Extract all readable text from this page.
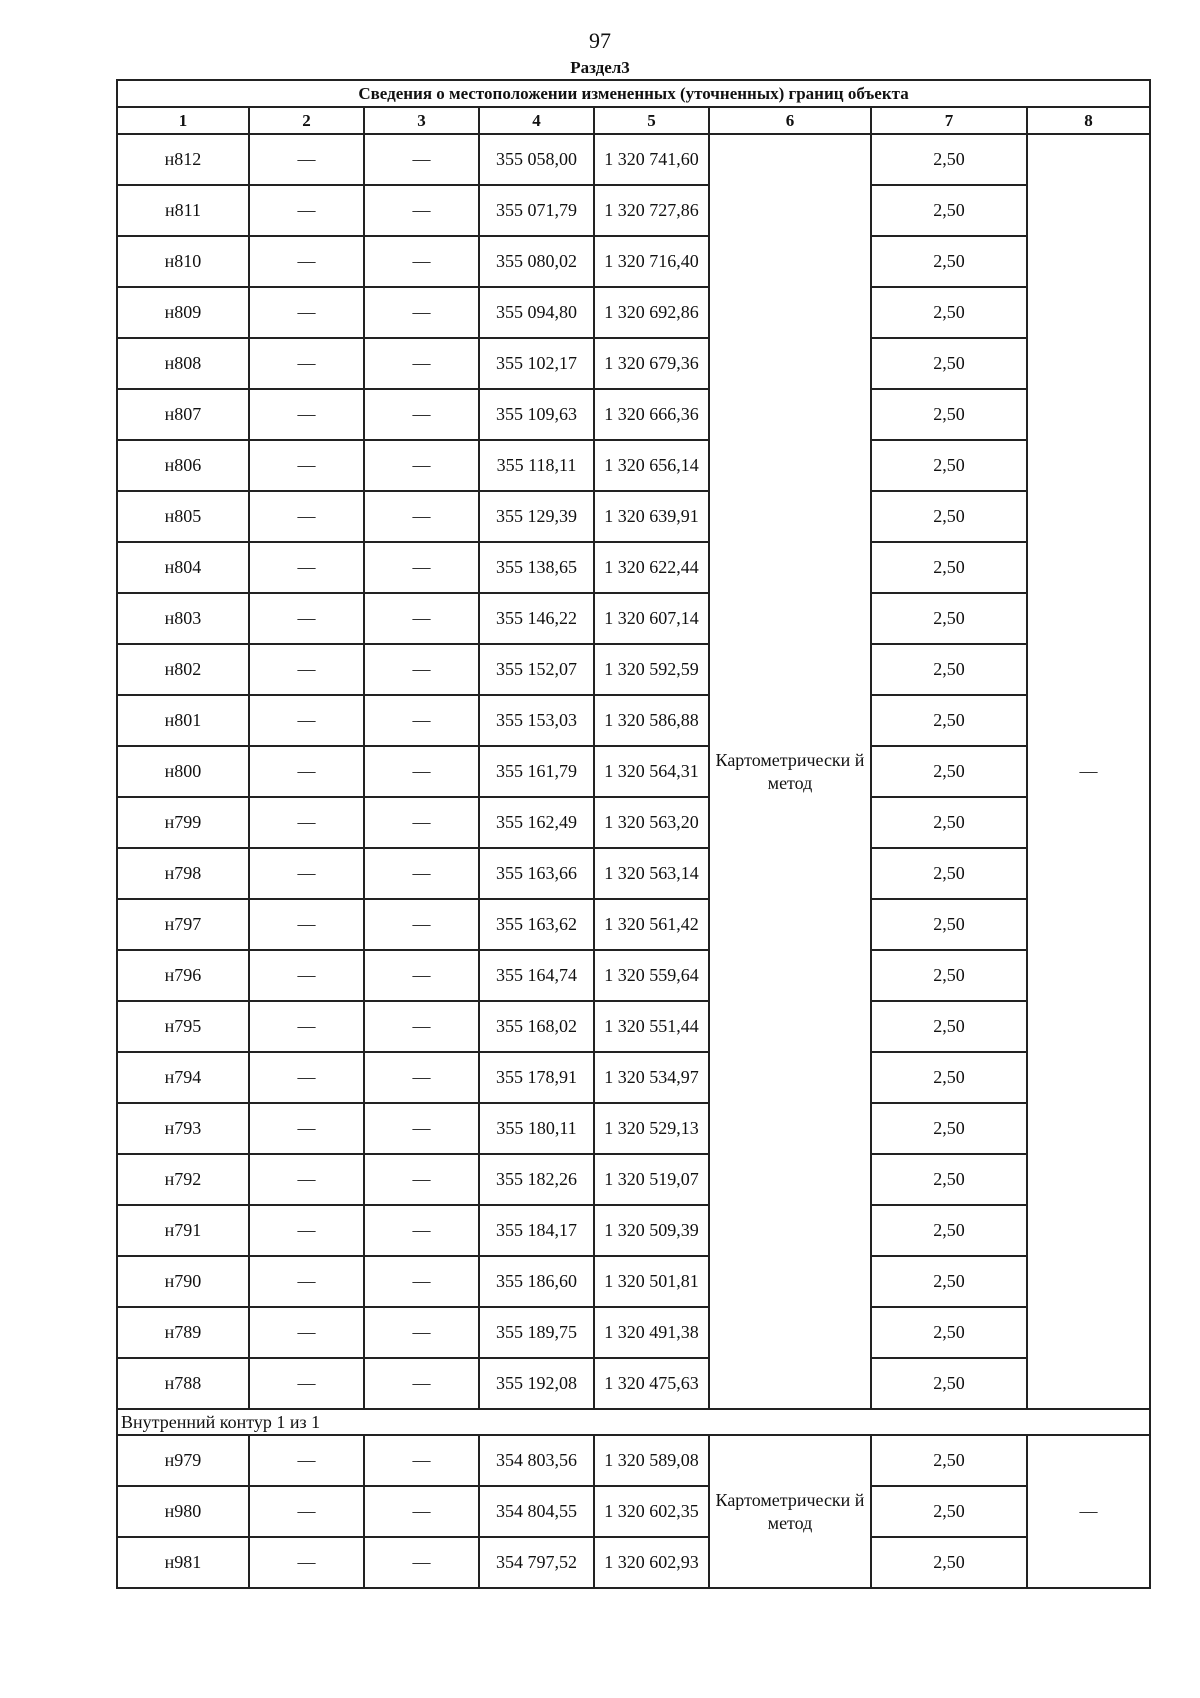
97
Раздел3
Сведения о местоположении измененных (уточненных) границ объекта							
1	2	3	4	5	6	7	8
н812	—	—	355 058,00	1 320 741,60	Картометрически й метод	2,50	—
н811	—	—	355 071,79	1 320 727,86		2,50	
н810	—	—	355 080,02	1 320 716,40		2,50	
н809	—	—	355 094,80	1 320 692,86		2,50	
н808	—	—	355 102,17	1 320 679,36		2,50	
н807	—	—	355 109,63	1 320 666,36		2,50	
н806	—	—	355 118,11	1 320 656,14		2,50	
н805	—	—	355 129,39	1 320 639,91		2,50	
н804	—	—	355 138,65	1 320 622,44		2,50	
н803	—	—	355 146,22	1 320 607,14		2,50	
н802	—	—	355 152,07	1 320 592,59		2,50	
н801	—	—	355 153,03	1 320 586,88		2,50	
н800	—	—	355 161,79	1 320 564,31		2,50	
н799	—	—	355 162,49	1 320 563,20		2,50	
н798	—	—	355 163,66	1 320 563,14		2,50	
н797	—	—	355 163,62	1 320 561,42		2,50	
н796	—	—	355 164,74	1 320 559,64		2,50	
н795	—	—	355 168,02	1 320 551,44		2,50	
н794	—	—	355 178,91	1 320 534,97		2,50	
н793	—	—	355 180,11	1 320 529,13		2,50	
н792	—	—	355 182,26	1 320 519,07		2,50	
н791	—	—	355 184,17	1 320 509,39		2,50	
н790	—	—	355 186,60	1 320 501,81		2,50	
н789	—	—	355 189,75	1 320 491,38		2,50	
н788	—	—	355 192,08	1 320 475,63		2,50	
Внутренний контур 1 из 1							
н979	—	—	354 803,56	1 320 589,08	Картометрически й метод	2,50	—
н980	—	—	354 804,55	1 320 602,35		2,50	
н981	—	—	354 797,52	1 320 602,93		2,50	
